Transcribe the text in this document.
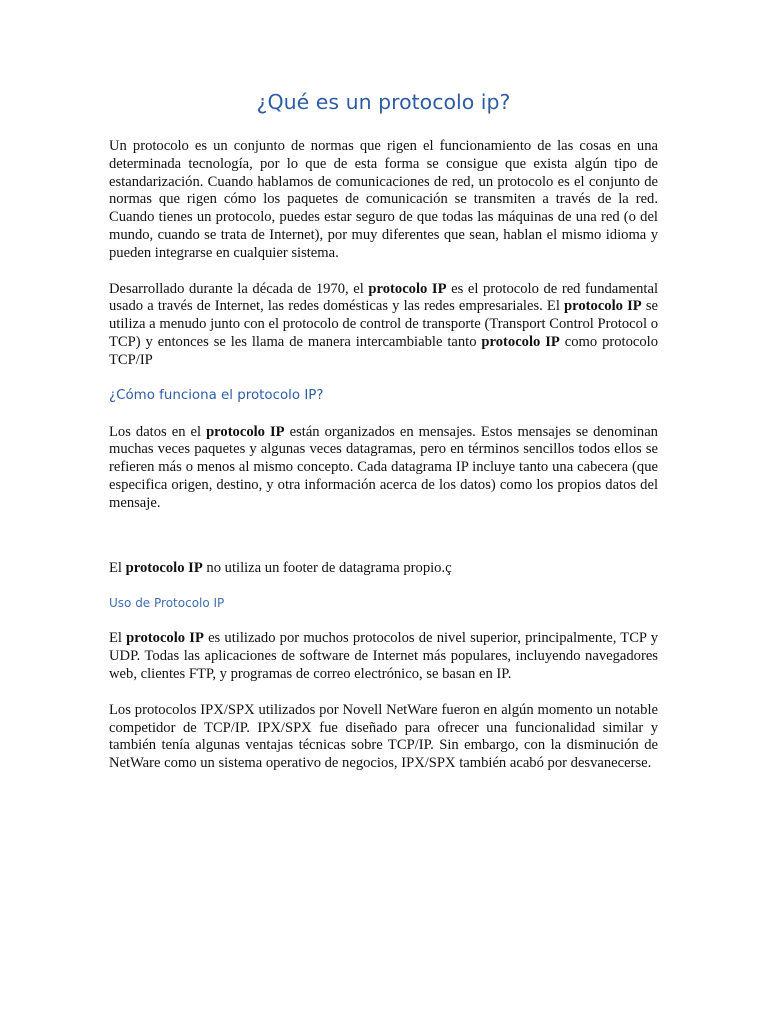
¿Qué es un protocolo ip?

Un protocolo es un conjunto de normas que rigen el funcionamiento de las cosas en una determinada tecnología, por lo que de esta forma se consigue que exista algún tipo de estandarización. Cuando hablamos de comunicaciones de red, un protocolo es el conjunto de normas que rigen cómo los paquetes de comunicación se transmiten a través de la red. Cuando tienes un protocolo, puedes estar seguro de que todas las máquinas de una red (o del mundo, cuando se trata de Internet), por muy diferentes que sean, hablan el mismo idioma y pueden integrarse en cualquier sistema.

Desarrollado durante la década de 1970, el protocolo IP es el protocolo de red fundamental usado a través de Internet, las redes domésticas y las redes empresariales. El protocolo IP se utiliza a menudo junto con el protocolo de control de transporte (Transport Control Protocol o TCP) y entonces se les llama de manera intercambiable tanto protocolo IP como protocolo TCP/IP

¿Cómo funciona el protocolo IP?

Los datos en el protocolo IP están organizados en mensajes. Estos mensajes se denominan muchas veces paquetes y algunas veces datagramas, pero en términos sencillos todos ellos se refieren más o menos al mismo concepto. Cada datagrama IP incluye tanto una cabecera (que especifica origen, destino, y otra información acerca de los datos) como los propios datos del mensaje.

El protocolo IP no utiliza un footer de datagrama propio.ç

Uso de Protocolo IP

El protocolo IP es utilizado por muchos protocolos de nivel superior, principalmente, TCP y UDP. Todas las aplicaciones de software de Internet más populares, incluyendo navegadores web, clientes FTP, y programas de correo electrónico, se basan en IP.

Los protocolos IPX/SPX utilizados por Novell NetWare fueron en algún momento un notable competidor de TCP/IP. IPX/SPX fue diseñado para ofrecer una funcionalidad similar y también tenía algunas ventajas técnicas sobre TCP/IP. Sin embargo, con la disminución de NetWare como un sistema operativo de negocios, IPX/SPX también acabó por desvanecerse.
